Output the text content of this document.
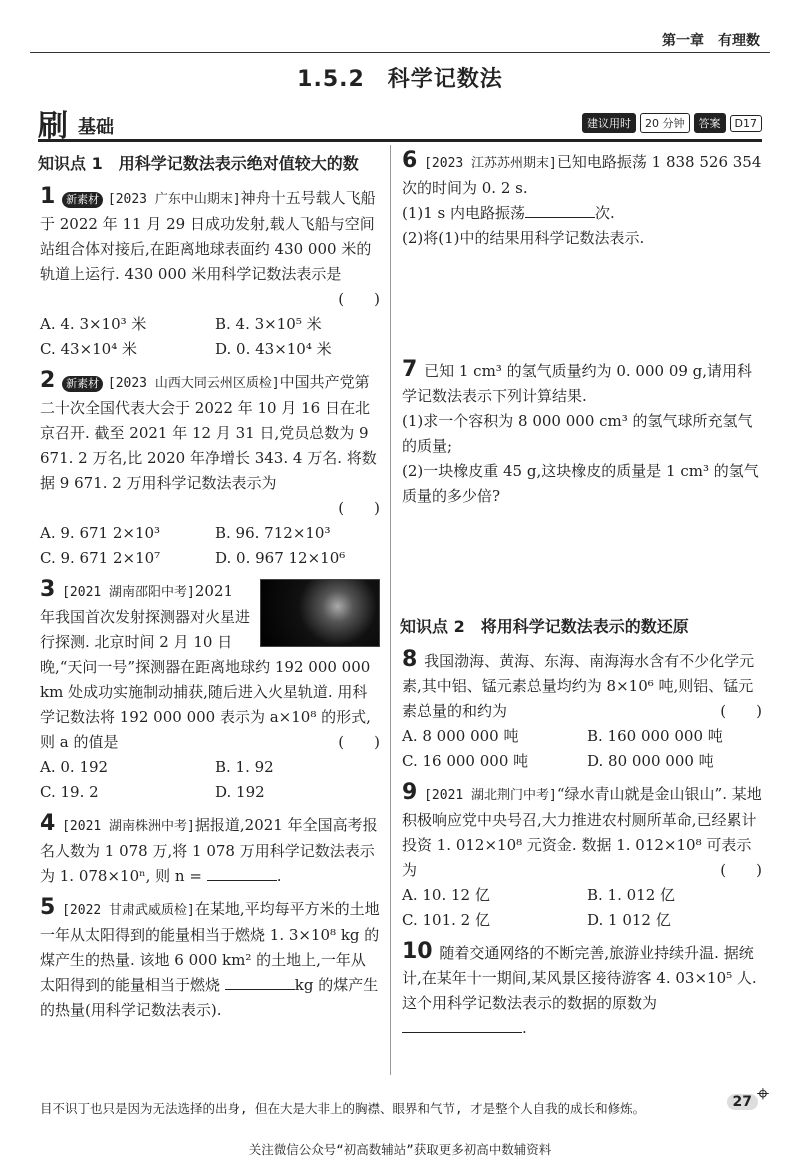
第一章　有理数
1.5.2　科学记数法
刷 基础	建议用时	20 分钟	答案	D17
知识点 1　用科学记数法表示绝对值较大的数
1 新素材 [2023 广东中山期末]神舟十五号载人飞船于 2022 年 11 月 29 日成功发射,载人飞船与空间站组合体对接后,在距离地球表面约 430 000 米的轨道上运行. 430 000 米用科学记数法表示是
(　　)

A. 4. 3×10³ 米	B. 4. 3×10⁵ 米
C. 43×10⁴ 米	D. 0. 43×10⁴ 米
2 新素材 [2023 山西大同云州区质检]中国共产党第二十次全国代表大会于 2022 年 10 月 16 日在北京召开. 截至 2021 年 12 月 31 日,党员总数为 9 671. 2 万名,比 2020 年净增长 343. 4 万名. 将数据 9 671. 2 万用科学记数法表示为
(　　)

A. 9. 671 2×10³	B. 96. 712×10³
C. 9. 671 2×10⁷	D. 0. 967 12×10⁶
3 [2021 湖南邵阳中考]2021 年我国首次发射探测器对火星进行探测. 北京时间 2 月 10 日晚,“天问一号”探测器在距离地球约 192 000 000 km 处成功实施制动捕获,随后进入火星轨道. 用科学记数法将 192 000 000 表示为 a×10⁸ 的形式,则 a 的值是	(　　)
A. 0. 192	B. 1. 92
C. 19. 2	D. 192
4 [2021 湖南株洲中考]据报道,2021 年全国高考报名人数为 1 078 万,将 1 078 万用科学记数法表示为 1. 078×10ⁿ, 则 n =	.
5 [2022 甘肃武威质检]在某地,平均每平方米的土地一年从太阳得到的能量相当于燃烧 1. 3×10⁸ kg 的煤产生的热量. 该地 6 000 km² 的土地上,一年从太阳得到的能量相当于燃烧	kg 的煤产生的热量(用科学记数法表示).
6 [2023 江苏苏州期末]已知电路振荡 1 838 526 354 次的时间为 0. 2 s.
(1)1 s 内电路振荡	次.
(2)将(1)中的结果用科学记数法表示.
7 已知 1 cm³ 的氢气质量约为 0. 000 09 g,请用科学记数法表示下列计算结果.
(1)求一个容积为 8 000 000 cm³ 的氢气球所充氢气的质量;
(2)一块橡皮重 45 g,这块橡皮的质量是 1 cm³ 的氢气质量的多少倍?
知识点 2　将用科学记数法表示的数还原
8 我国渤海、黄海、东海、南海海水含有不少化学元素,其中铝、锰元素总量均约为 8×10⁶ 吨,则铝、锰元素总量的和约为	(　　)
A. 8 000 000 吨	B. 160 000 000 吨
C. 16 000 000 吨	D. 80 000 000 吨
9 [2021 湖北荆门中考]“绿水青山就是金山银山”. 某地积极响应党中央号召,大力推进农村厕所革命,已经累计投资 1. 012×10⁸ 元资金. 数据 1. 012×10⁸ 可表示为	(　　)
A. 10. 12 亿	B. 1. 012 亿
C. 101. 2 亿	D. 1 012 亿
10 随着交通网络的不断完善,旅游业持续升温. 据统计,在某年十一期间,某风景区接待游客 4. 03×10⁵ 人. 这个用科学记数法表示的数据的原数为 .
目不识丁也只是因为无法选择的出身, 但在大是大非上的胸襟、眼界和气节, 才是整个人自我的成长和修炼。	27 ⌖
关注微信公众号“初高数辅站”获取更多初高中数辅资料
